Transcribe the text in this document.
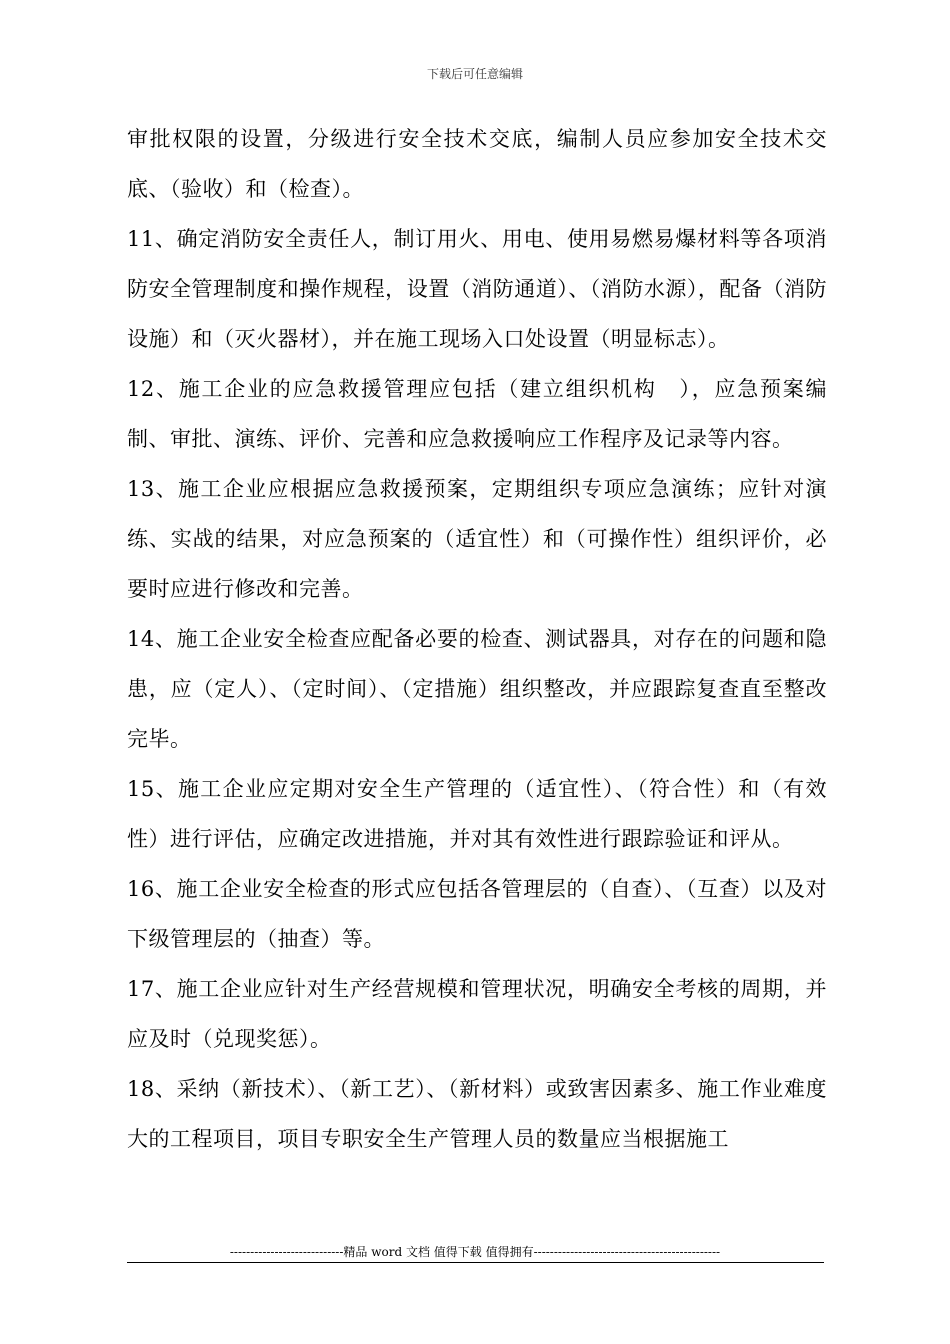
下载后可任意编辑

审批权限的设置，分级进行安全技术交底，编制人员应参加安全技术交底、（验收）和（检查）。

11、确定消防安全责任人，制订用火、用电、使用易燃易爆材料等各项消防安全管理制度和操作规程，设置（消防通道）、（消防水源），配备（消防设施）和（灭火器材），并在施工现场入口处设置（明显标志）。

12、施工企业的应急救援管理应包括（建立组织机构　），应急预案编制、审批、演练、评价、完善和应急救援响应工作程序及记录等内容。

13、施工企业应根据应急救援预案，定期组织专项应急演练；应针对演练、实战的结果，对应急预案的（适宜性）和（可操作性）组织评价，必要时应进行修改和完善。

14、施工企业安全检查应配备必要的检查、测试器具，对存在的问题和隐患，应（定人）、（定时间）、（定措施）组织整改，并应跟踪复查直至整改完毕。

15、施工企业应定期对安全生产管理的（适宜性）、（符合性）和（有效性）进行评估，应确定改进措施，并对其有效性进行跟踪验证和评从。

16、施工企业安全检查的形式应包括各管理层的（自查）、（互查）以及对下级管理层的（抽查）等。

17、施工企业应针对生产经营规模和管理状况，明确安全考核的周期，并应及时（兑现奖惩）。

18、采纳（新技术）、（新工艺）、（新材料）或致害因素多、施工作业难度大的工程项目，项目专职安全生产管理人员的数量应当根据施工

----------------------------精品 word 文档 值得下载 值得拥有----------------------------------------------
